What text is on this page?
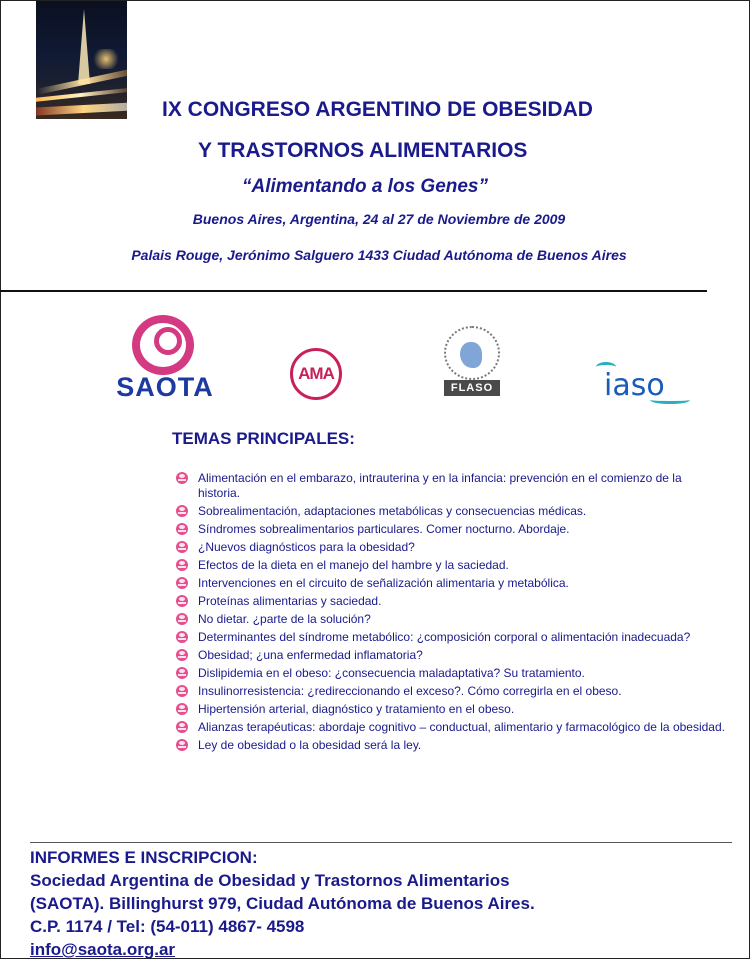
IX CONGRESO ARGENTINO DE OBESIDAD
Y TRASTORNOS ALIMENTARIOS
“Alimentando a los Genes”
Buenos Aires, Argentina, 24 al 27 de Noviembre de 2009
Palais Rouge, Jerónimo Salguero 1433 Ciudad Autónoma de Buenos Aires
SAOTA	AMA
FLASO	iaso
TEMAS PRINCIPALES:
Alimentación en el embarazo, intrauterina y en la infancia: prevención en el comienzo de la historia.
Sobrealimentación, adaptaciones metabólicas y consecuencias médicas.
Síndromes sobrealimentarios particulares. Comer nocturno. Abordaje.
¿Nuevos diagnósticos para la obesidad?
Efectos de la dieta en el manejo del hambre y la saciedad.
Intervenciones en el circuito de señalización alimentaria y metabólica.
Proteínas alimentarias y saciedad.
No dietar. ¿parte de la solución?
Determinantes del síndrome metabólico: ¿composición corporal o alimentación inadecuada?
Obesidad; ¿una enfermedad inflamatoria?
Dislipidemia en el obeso: ¿consecuencia maladaptativa? Su tratamiento.
Insulinorresistencia: ¿redireccionando el exceso?. Cómo corregirla en el obeso.
Hipertensión arterial, diagnóstico y tratamiento en el obeso.
Alianzas terapéuticas: abordaje cognitivo – conductual, alimentario y farmacológico de la obesidad.
Ley de obesidad o la obesidad será la ley.
INFORMES E INSCRIPCION:
Sociedad Argentina de Obesidad y Trastornos Alimentarios
(SAOTA). Billinghurst 979, Ciudad Autónoma de Buenos Aires.
C.P. 1174 / Tel: (54-011) 4867- 4598
info@saota.org.ar
